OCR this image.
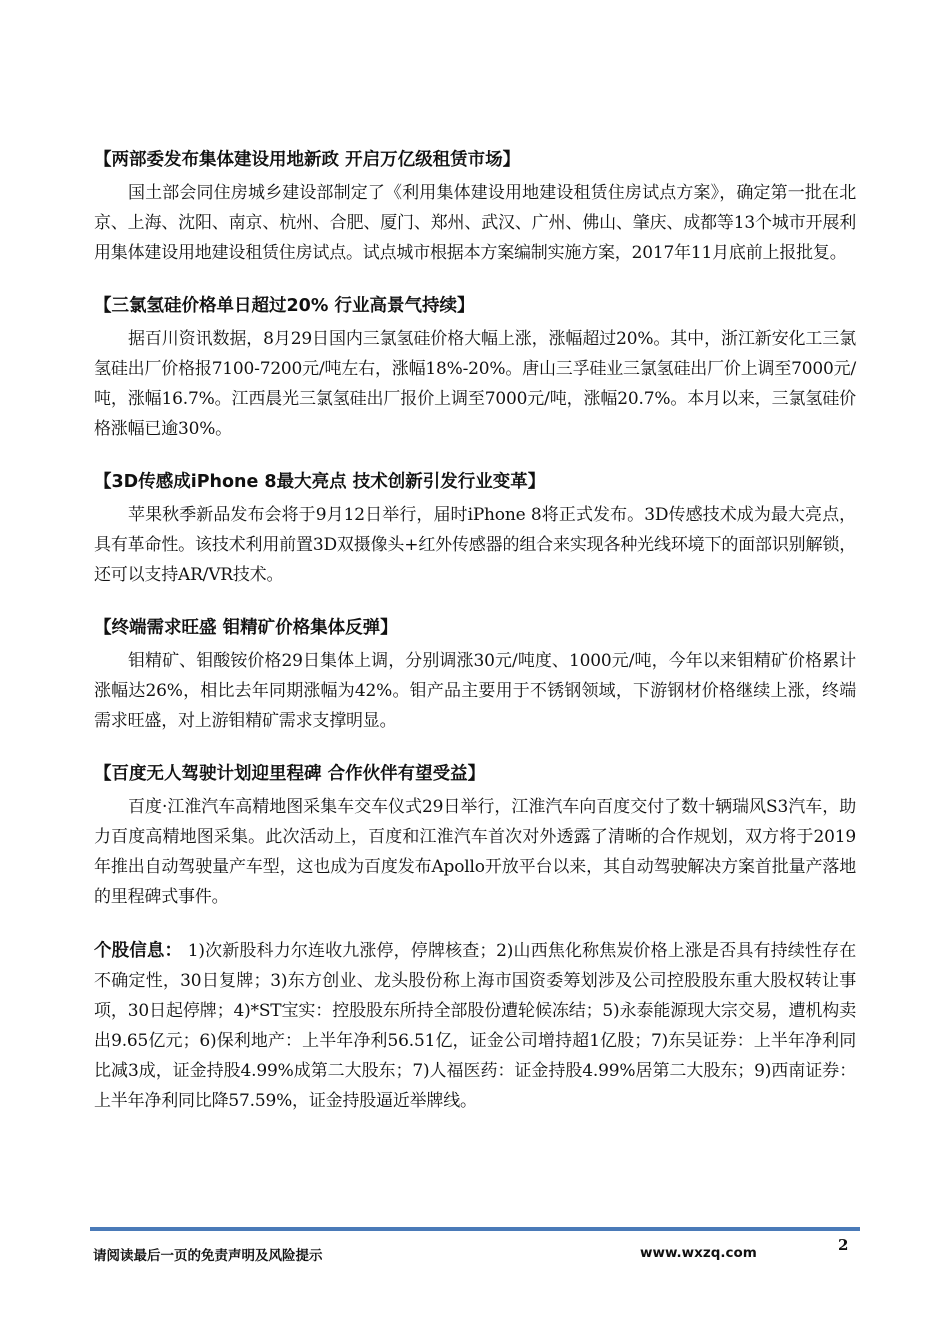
【两部委发布集体建设用地新政 开启万亿级租赁市场】

国土部会同住房城乡建设部制定了《利用集体建设用地建设租赁住房试点方案》，确定第一批在北京、上海、沈阳、南京、杭州、合肥、厦门、郑州、武汉、广州、佛山、肇庆、成都等13个城市开展利用集体建设用地建设租赁住房试点。试点城市根据本方案编制实施方案，2017年11月底前上报批复。

【三氯氢硅价格单日超过20% 行业高景气持续】

据百川资讯数据，8月29日国内三氯氢硅价格大幅上涨，涨幅超过20%。其中，浙江新安化工三氯氢硅出厂价格报7100-7200元/吨左右，涨幅18%-20%。唐山三孚硅业三氯氢硅出厂价上调至7000元/吨，涨幅16.7%。江西晨光三氯氢硅出厂报价上调至7000元/吨，涨幅20.7%。本月以来，三氯氢硅价格涨幅已逾30%。

【3D传感成iPhone 8最大亮点 技术创新引发行业变革】

苹果秋季新品发布会将于9月12日举行，届时iPhone 8将正式发布。3D传感技术成为最大亮点，具有革命性。该技术利用前置3D双摄像头+红外传感器的组合来实现各种光线环境下的面部识别解锁，还可以支持AR/VR技术。

【终端需求旺盛 钼精矿价格集体反弹】

钼精矿、钼酸铵价格29日集体上调，分别调涨30元/吨度、1000元/吨，今年以来钼精矿价格累计涨幅达26%，相比去年同期涨幅为42%。钼产品主要用于不锈钢领域，下游钢材价格继续上涨，终端需求旺盛，对上游钼精矿需求支撑明显。

【百度无人驾驶计划迎里程碑 合作伙伴有望受益】

百度·江淮汽车高精地图采集车交车仪式29日举行，江淮汽车向百度交付了数十辆瑞风S3汽车，助力百度高精地图采集。此次活动上，百度和江淮汽车首次对外透露了清晰的合作规划，双方将于2019年推出自动驾驶量产车型，这也成为百度发布Apollo开放平台以来，其自动驾驶解决方案首批量产落地的里程碑式事件。

个股信息： 1)次新股科力尔连收九涨停，停牌核查；2)山西焦化称焦炭价格上涨是否具有持续性存在不确定性，30日复牌；3)东方创业、龙头股份称上海市国资委筹划涉及公司控股股东重大股权转让事项，30日起停牌；4)*ST宝实：控股股东所持全部股份遭轮候冻结；5)永泰能源现大宗交易，遭机构卖出9.65亿元；6)保利地产：上半年净利56.51亿，证金公司增持超1亿股；7)东吴证券：上半年净利同比减3成，证金持股4.99%成第二大股东；7)人福医药：证金持股4.99%居第二大股东；9)西南证券：上半年净利同比降57.59%，证金持股逼近举牌线。

请阅读最后一页的免责声明及风险提示	www.wxzq.com	2
